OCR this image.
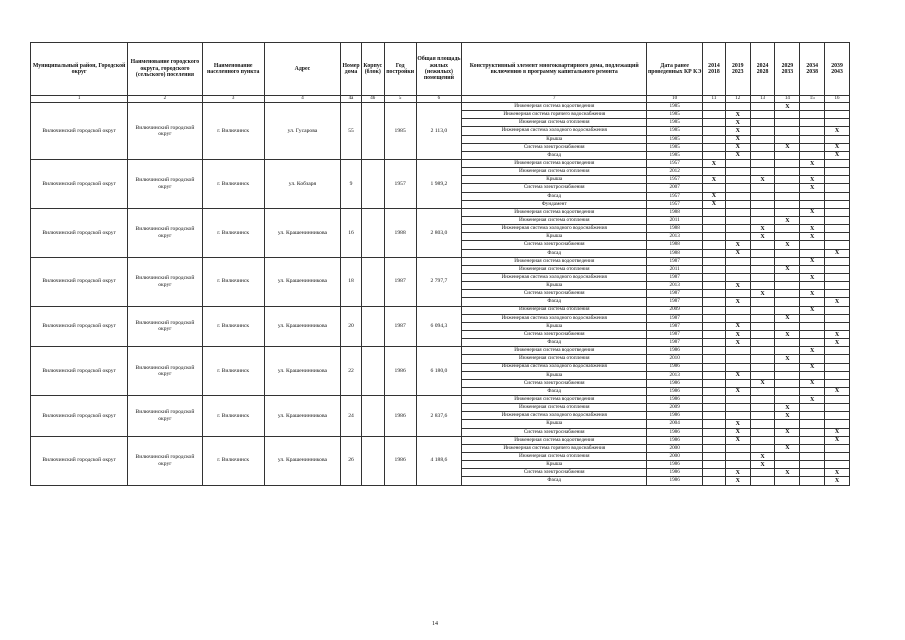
Муниципальный район, Городской округ	Наименование городского округа, городского (сельского) поселения	Наименование населенного пункта	Адрес	Номер дома	Корпус (блок)	Год постройки	Общая площадь жилых (нежилых) помещений	Конструктивный элемент многоквартирного дома, подлежащий включению в программу капитального ремонта	Дата ранее проведенных КР КЭ	2014 2018	2019 2023	2024 2028	2029 2033	2034 2038	2039 2043
1	2	3	4	4а	4б	5	6	7	10	11	12	13	14	15	16
Вилючинский городской округ	Вилючинский городской округ	г. Вилючинск	ул. Гусарова	55		1985	2 113,0	Инженерная система водоотведения	1985				X		
								Инженерная система горячего водоснабжения	1985		X				
								Инженерная система отопления	1985		X				
								Инженерная система холодного водоснабжения	1985		X				X
								Крыша	1985		X				
								Система электроснабжения	1985		X		X		X
								Фасад	1985		X				X
Вилючинский городской округ	Вилючинский городской округ	г. Вилючинск	ул. Кобзаря	9		1957	1 989,2	Инженерная система водоотведения	1957	X				X	
								Инженерная система отопления	2012						
								Крыша	1957	X		X		X	
								Система электроснабжения	2007					X	
								Фасад	1957	X					
								Фундамент	1957	X					
Вилючинский городской округ	Вилючинский городской округ	г. Вилючинск	ул. Крашенинникова	16		1988	2 803,0	Инженерная система водоотведения	1988					X	
								Инженерная система отопления	2011				X		
								Инженерная система холодного водоснабжения	1988			X		X	
								Крыша	2013			X		X	
								Система электроснабжения	1988		X		X		
								Фасад	1988		X				X
Вилючинский городской округ	Вилючинский городской округ	г. Вилючинск	ул. Крашенинникова	18		1987	2 797,7	Инженерная система водоотведения	1987					X	
								Инженерная система отопления	2011				X		
								Инженерная система холодного водоснабжения	1987					X	
								Крыша	2013		X				
								Система электроснабжения	1987			X		X	
								Фасад	1987		X				X
Вилючинский городской округ	Вилючинский городской округ	г. Вилючинск	ул. Крашенинникова	20		1987	6 094,3	Инженерная система отопления	2009					X	
								Инженерная система холодного водоснабжения	1987				X		
								Крыша	1987		X				
								Система электроснабжения	1987		X		X		X
								Фасад	1987		X				X
Вилючинский городской округ	Вилючинский городской округ	г. Вилючинск	ул. Крашенинникова	22		1986	6 180,0	Инженерная система водоотведения	1986					X	
								Инженерная система отопления	2010				X		
								Инженерная система холодного водоснабжения	1986					X	
								Крыша	2013		X				
								Система электроснабжения	1986			X		X	
								Фасад	1986		X				X
Вилючинский городской округ	Вилючинский городской округ	г. Вилючинск	ул. Крашенинникова	24		1986	2 837,6	Инженерная система водоотведения	1986					X	
								Инженерная система отопления	2009				X		
								Инженерная система холодного водоснабжения	1986				X		
								Крыша	2004		X				
								Система электроснабжения	1986		X		X		X
Вилючинский городской округ	Вилючинский городской округ	г. Вилючинск	ул. Крашенинникова	26		1986	4 188,6	Инженерная система водоотведения	1986		X				X
								Инженерная система горячего водоснабжения	2000				X		
								Инженерная система отопления	2000			X			
								Крыша	1986			X			
								Система электроснабжения	1986		X		X		X
								Фасад	1986		X				X
14
